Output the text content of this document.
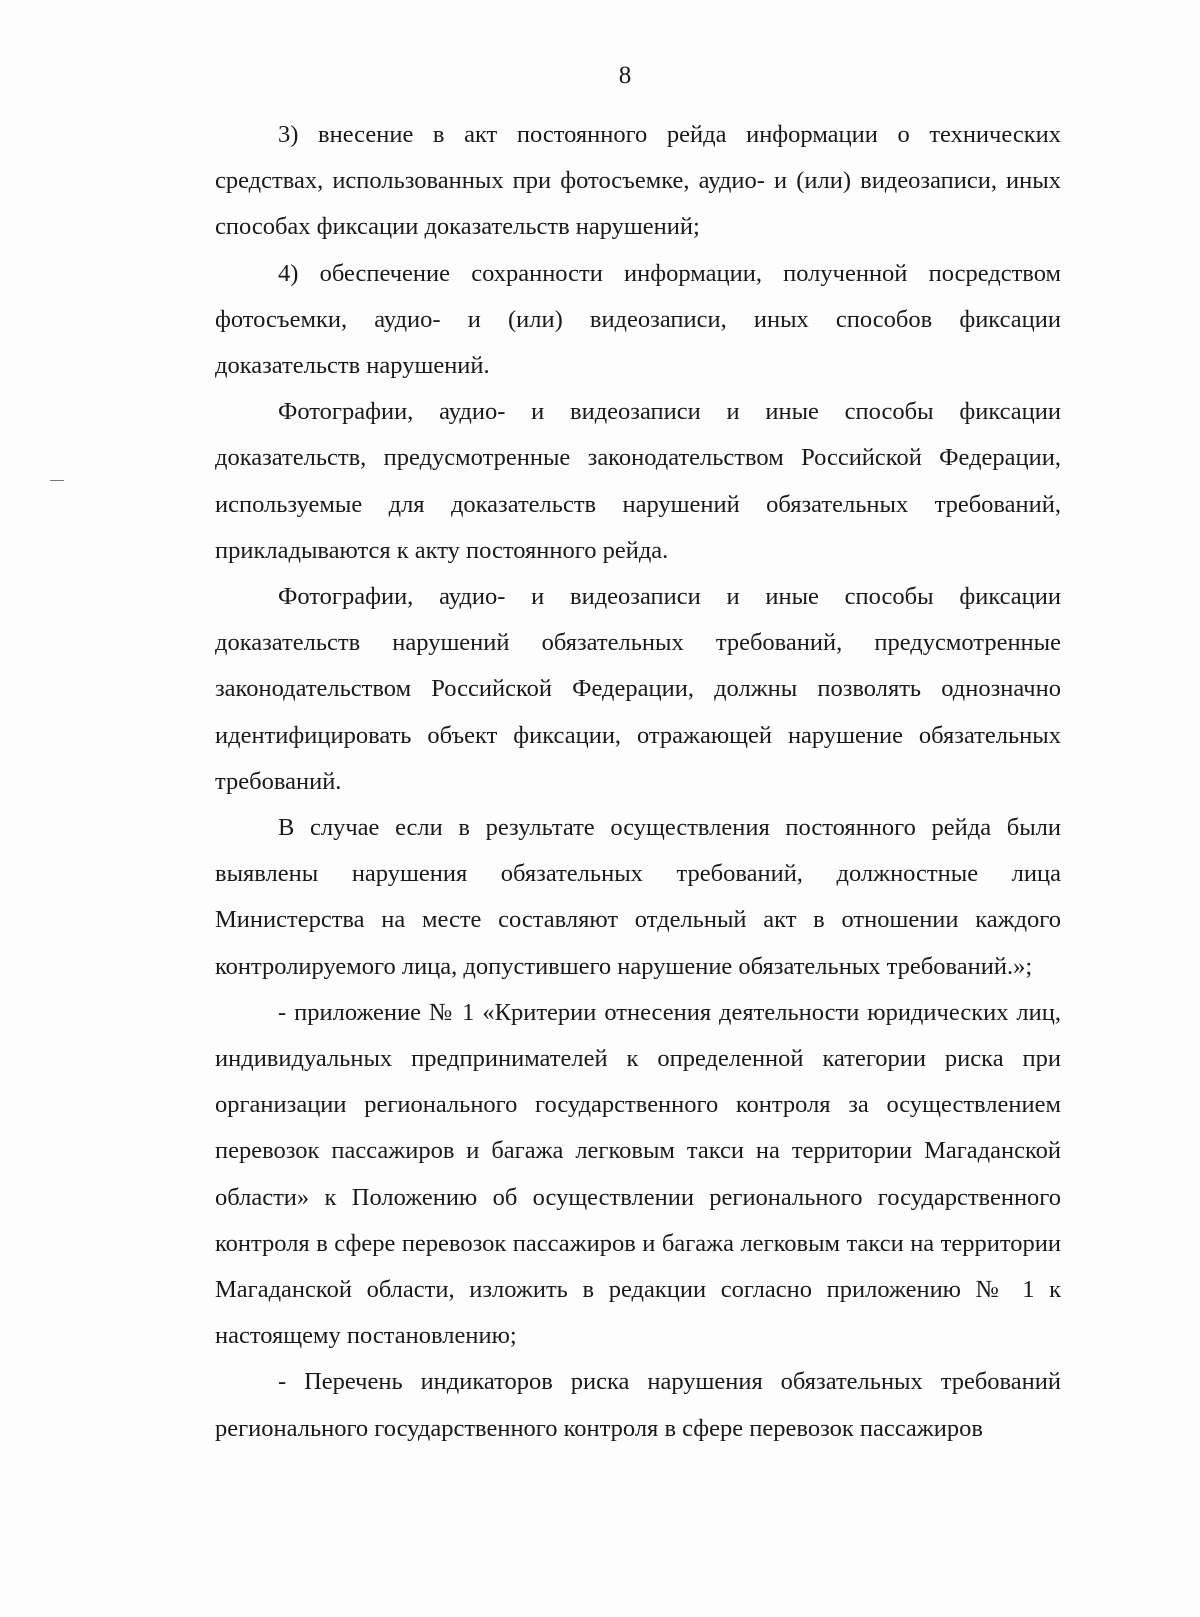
8

3) внесение в акт постоянного рейда информации о технических средствах, использованных при фотосъемке, аудио- и (или) видеозаписи, иных способах фиксации доказательств нарушений;

4) обеспечение сохранности информации, полученной посредством фотосъемки, аудио- и (или) видеозаписи, иных способов фиксации доказательств нарушений.

Фотографии, аудио- и видеозаписи и иные способы фиксации доказательств, предусмотренные законодательством Российской Федерации, используемые для доказательств нарушений обязательных требований, прикладываются к акту постоянного рейда.

Фотографии, аудио- и видеозаписи и иные способы фиксации доказательств нарушений обязательных требований, предусмотренные законодательством Российской Федерации, должны позволять однозначно идентифицировать объект фиксации, отражающей нарушение обязательных требований.

В случае если в результате осуществления постоянного рейда были выявлены нарушения обязательных требований, должностные лица Министерства на месте составляют отдельный акт в отношении каждого контролируемого лица, допустившего нарушение обязательных требований.»;

- приложение № 1 «Критерии отнесения деятельности юридических лиц, индивидуальных предпринимателей к определенной категории риска при организации регионального государственного контроля за осуществлением перевозок пассажиров и багажа легковым такси на территории Магаданской области» к Положению об осуществлении регионального государственного контроля в сфере перевозок пассажиров и багажа легковым такси на территории Магаданской области, изложить в редакции согласно приложению № 1 к настоящему постановлению;

- Перечень индикаторов риска нарушения обязательных требований регионального государственного контроля в сфере перевозок пассажиров
